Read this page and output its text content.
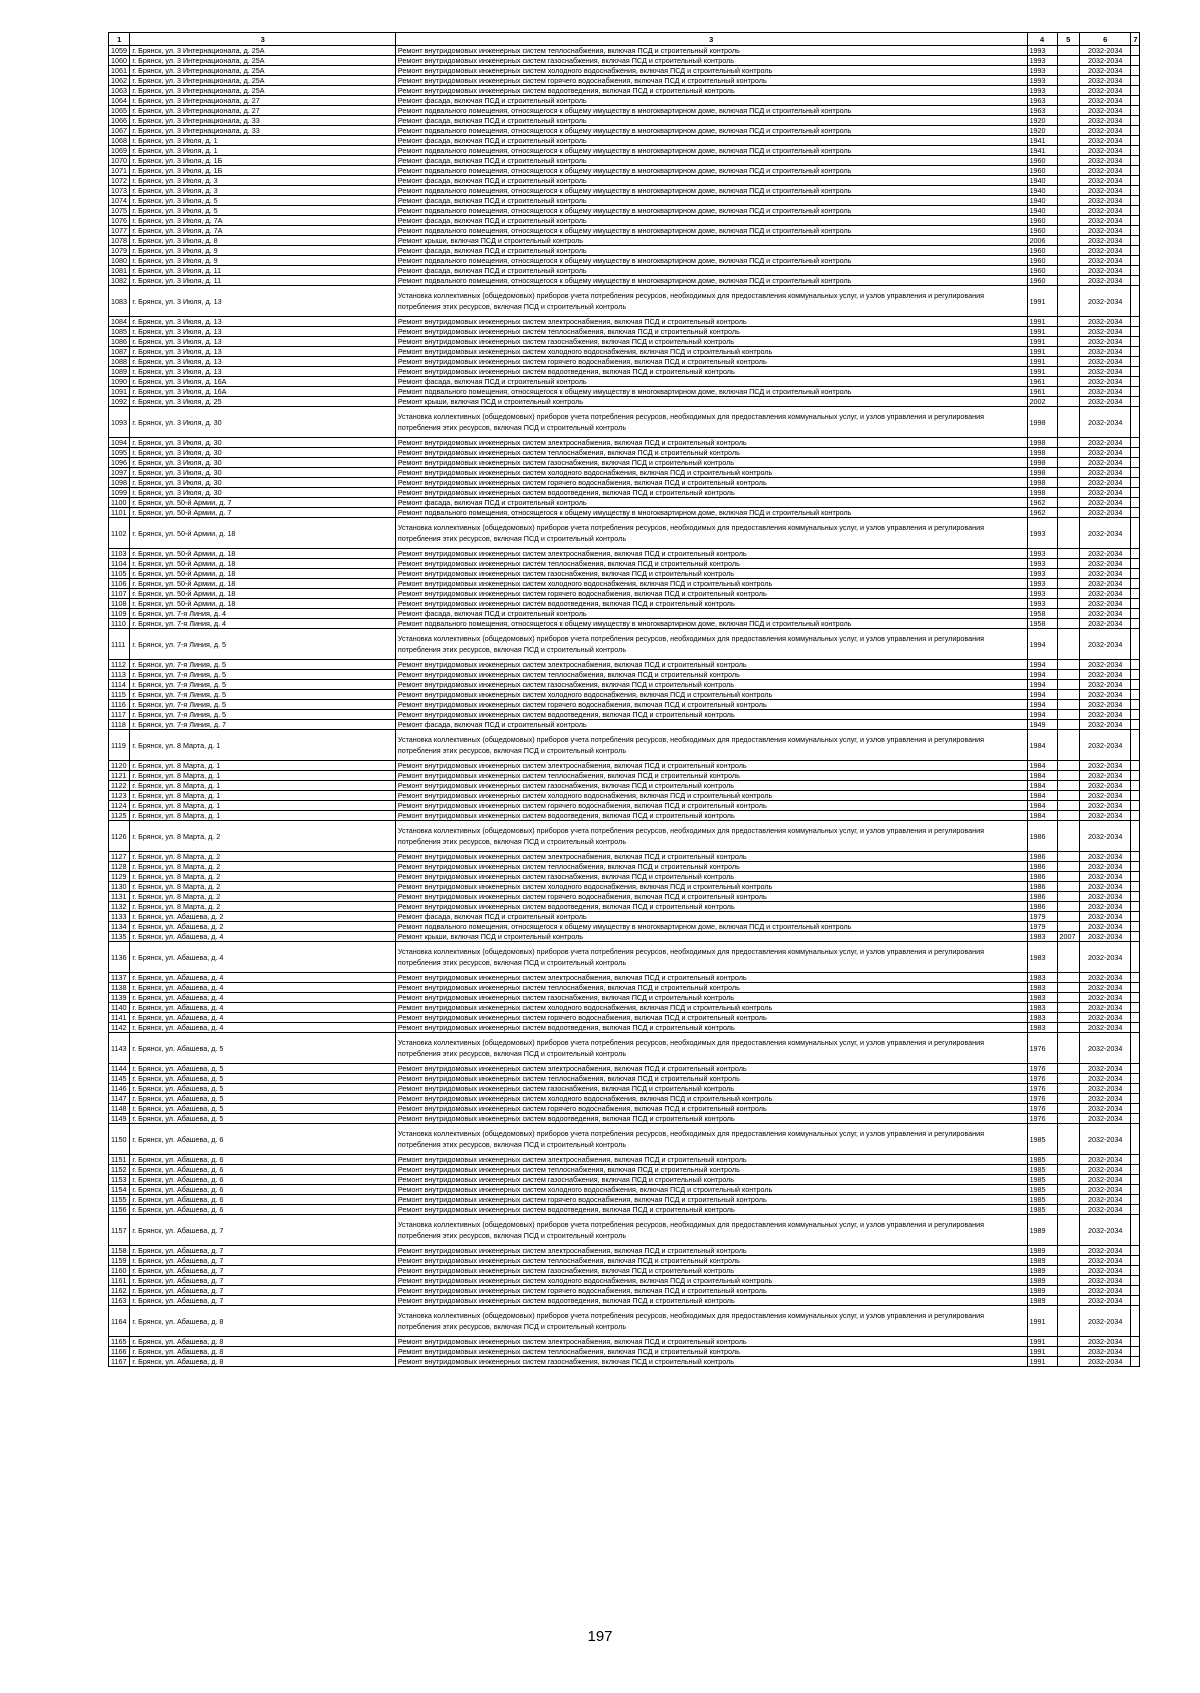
1	3	3	4	5	6	7
1059	г. Брянск, ул. 3 Интернационала, д. 25А	Ремонт внутридомовых инженерных систем теплоснабжения, включая ПСД и строительный контроль	1993		2032-2034	
1060	г. Брянск, ул. 3 Интернационала, д. 25А	Ремонт внутридомовых инженерных систем газоснабжения, включая ПСД и строительный контроль	1993		2032-2034	
1061	г. Брянск, ул. 3 Интернационала, д. 25А	Ремонт внутридомовых инженерных систем холодного водоснабжения, включая ПСД и строительный контроль	1993		2032-2034	
1062	г. Брянск, ул. 3 Интернационала, д. 25А	Ремонт внутридомовых инженерных систем горячего водоснабжения, включая ПСД и строительный контроль	1993		2032-2034	
1063	г. Брянск, ул. 3 Интернационала, д. 25А	Ремонт внутридомовых инженерных систем водоотведения, включая ПСД и строительный контроль	1993		2032-2034	
1064	г. Брянск, ул. 3 Интернационала, д. 27	Ремонт фасада, включая ПСД и строительный контроль	1963		2032-2034	
1065	г. Брянск, ул. 3 Интернационала, д. 27	Ремонт подвального помещения, относящегося к общему имуществу в многоквартирном доме, включая ПСД и строительный контроль	1963		2032-2034	
1066	г. Брянск, ул. 3 Интернационала, д. 33	Ремонт фасада, включая ПСД и строительный контроль	1920		2032-2034	
1067	г. Брянск, ул. 3 Интернационала, д. 33	Ремонт подвального помещения, относящегося к общему имуществу в многоквартирном доме, включая ПСД и строительный контроль	1920		2032-2034	
1068	г. Брянск, ул. 3 Июля, д. 1	Ремонт фасада, включая ПСД и строительный контроль	1941		2032-2034	
1069	г. Брянск, ул. 3 Июля, д. 1	Ремонт подвального помещения, относящегося к общему имуществу в многоквартирном доме, включая ПСД и строительный контроль	1941		2032-2034	
1070	г. Брянск, ул. 3 Июля, д. 1Б	Ремонт фасада, включая ПСД и строительный контроль	1960		2032-2034	
1071	г. Брянск, ул. 3 Июля, д. 1Б	Ремонт подвального помещения, относящегося к общему имуществу в многоквартирном доме, включая ПСД и строительный контроль	1960		2032-2034	
1072	г. Брянск, ул. 3 Июля, д. 3	Ремонт фасада, включая ПСД и строительный контроль	1940		2032-2034	
1073	г. Брянск, ул. 3 Июля, д. 3	Ремонт подвального помещения, относящегося к общему имуществу в многоквартирном доме, включая ПСД и строительный контроль	1940		2032-2034	
1074	г. Брянск, ул. 3 Июля, д. 5	Ремонт фасада, включая ПСД и строительный контроль	1940		2032-2034	
1075	г. Брянск, ул. 3 Июля, д. 5	Ремонт подвального помещения, относящегося к общему имуществу в многоквартирном доме, включая ПСД и строительный контроль	1940		2032-2034	
1076	г. Брянск, ул. 3 Июля, д. 7А	Ремонт фасада, включая ПСД и строительный контроль	1960		2032-2034	
1077	г. Брянск, ул. 3 Июля, д. 7А	Ремонт подвального помещения, относящегося к общему имуществу в многоквартирном доме, включая ПСД и строительный контроль	1960		2032-2034	
1078	г. Брянск, ул. 3 Июля, д. 8	Ремонт крыши, включая ПСД и строительный контроль	2006		2032-2034	
1079	г. Брянск, ул. 3 Июля, д. 9	Ремонт фасада, включая ПСД и строительный контроль	1960		2032-2034	
1080	г. Брянск, ул. 3 Июля, д. 9	Ремонт подвального помещения, относящегося к общему имуществу в многоквартирном доме, включая ПСД и строительный контроль	1960		2032-2034	
1081	г. Брянск, ул. 3 Июля, д. 11	Ремонт фасада, включая ПСД и строительный контроль	1960		2032-2034	
1082	г. Брянск, ул. 3 Июля, д. 11	Ремонт подвального помещения, относящегося к общему имуществу в многоквартирном доме, включая ПСД и строительный контроль	1960		2032-2034	
1083	г. Брянск, ул. 3 Июля, д. 13	Установка коллективных (общедомовых) приборов учета потребления ресурсов, необходимых для предоставления коммунальных услуг, и узлов управления и регулирования потребления этих ресурсов, включая ПСД и строительный контроль	1991		2032-2034	
1084	г. Брянск, ул. 3 Июля, д. 13	Ремонт внутридомовых инженерных систем электроснабжения, включая ПСД и строительный контроль	1991		2032-2034	
1085	г. Брянск, ул. 3 Июля, д. 13	Ремонт внутридомовых инженерных систем теплоснабжения, включая ПСД и строительный контроль	1991		2032-2034	
1086	г. Брянск, ул. 3 Июля, д. 13	Ремонт внутридомовых инженерных систем газоснабжения, включая ПСД и строительный контроль	1991		2032-2034	
1087	г. Брянск, ул. 3 Июля, д. 13	Ремонт внутридомовых инженерных систем холодного водоснабжения, включая ПСД и строительный контроль	1991		2032-2034	
1088	г. Брянск, ул. 3 Июля, д. 13	Ремонт внутридомовых инженерных систем горячего водоснабжения, включая ПСД и строительный контроль	1991		2032-2034	
1089	г. Брянск, ул. 3 Июля, д. 13	Ремонт внутридомовых инженерных систем водоотведения, включая ПСД и строительный контроль	1991		2032-2034	
1090	г. Брянск, ул. 3 Июля, д. 16А	Ремонт фасада, включая ПСД и строительный контроль	1961		2032-2034	
1091	г. Брянск, ул. 3 Июля, д. 16А	Ремонт подвального помещения, относящегося к общему имуществу в многоквартирном доме, включая ПСД и строительный контроль	1961		2032-2034	
1092	г. Брянск, ул. 3 Июля, д. 25	Ремонт крыши, включая ПСД и строительный контроль	2002		2032-2034	
1093	г. Брянск, ул. 3 Июля, д. 30	Установка коллективных (общедомовых) приборов учета потребления ресурсов, необходимых для предоставления коммунальных услуг, и узлов управления и регулирования потребления этих ресурсов, включая ПСД и строительный контроль	1998		2032-2034	
1094	г. Брянск, ул. 3 Июля, д. 30	Ремонт внутридомовых инженерных систем электроснабжения, включая ПСД и строительный контроль	1998		2032-2034	
1095	г. Брянск, ул. 3 Июля, д. 30	Ремонт внутридомовых инженерных систем теплоснабжения, включая ПСД и строительный контроль	1998		2032-2034	
1096	г. Брянск, ул. 3 Июля, д. 30	Ремонт внутридомовых инженерных систем газоснабжения, включая ПСД и строительный контроль	1998		2032-2034	
1097	г. Брянск, ул. 3 Июля, д. 30	Ремонт внутридомовых инженерных систем холодного водоснабжения, включая ПСД и строительный контроль	1998		2032-2034	
1098	г. Брянск, ул. 3 Июля, д. 30	Ремонт внутридомовых инженерных систем горячего водоснабжения, включая ПСД и строительный контроль	1998		2032-2034	
1099	г. Брянск, ул. 3 Июля, д. 30	Ремонт внутридомовых инженерных систем водоотведения, включая ПСД и строительный контроль	1998		2032-2034	
1100	г. Брянск, ул. 50-й Армии, д. 7	Ремонт фасада, включая ПСД и строительный контроль	1962		2032-2034	
1101	г. Брянск, ул. 50-й Армии, д. 7	Ремонт подвального помещения, относящегося к общему имуществу в многоквартирном доме, включая ПСД и строительный контроль	1962		2032-2034	
1102	г. Брянск, ул. 50-й Армии, д. 18	Установка коллективных (общедомовых) приборов учета потребления ресурсов, необходимых для предоставления коммунальных услуг, и узлов управления и регулирования потребления этих ресурсов, включая ПСД и строительный контроль	1993		2032-2034	
1103	г. Брянск, ул. 50-й Армии, д. 18	Ремонт внутридомовых инженерных систем электроснабжения, включая ПСД и строительный контроль	1993		2032-2034	
1104	г. Брянск, ул. 50-й Армии, д. 18	Ремонт внутридомовых инженерных систем теплоснабжения, включая ПСД и строительный контроль	1993		2032-2034	
1105	г. Брянск, ул. 50-й Армии, д. 18	Ремонт внутридомовых инженерных систем газоснабжения, включая ПСД и строительный контроль	1993		2032-2034	
1106	г. Брянск, ул. 50-й Армии, д. 18	Ремонт внутридомовых инженерных систем холодного водоснабжения, включая ПСД и строительный контроль	1993		2032-2034	
1107	г. Брянск, ул. 50-й Армии, д. 18	Ремонт внутридомовых инженерных систем горячего водоснабжения, включая ПСД и строительный контроль	1993		2032-2034	
1108	г. Брянск, ул. 50-й Армии, д. 18	Ремонт внутридомовых инженерных систем водоотведения, включая ПСД и строительный контроль	1993		2032-2034	
1109	г. Брянск, ул. 7-я Линия, д. 4	Ремонт фасада, включая ПСД и строительный контроль	1958		2032-2034	
1110	г. Брянск, ул. 7-я Линия, д. 4	Ремонт подвального помещения, относящегося к общему имуществу в многоквартирном доме, включая ПСД и строительный контроль	1958		2032-2034	
1111	г. Брянск, ул. 7-я Линия, д. 5	Установка коллективных (общедомовых) приборов учета потребления ресурсов, необходимых для предоставления коммунальных услуг, и узлов управления и регулирования потребления этих ресурсов, включая ПСД и строительный контроль	1994		2032-2034	
1112	г. Брянск, ул. 7-я Линия, д. 5	Ремонт внутридомовых инженерных систем электроснабжения, включая ПСД и строительный контроль	1994		2032-2034	
1113	г. Брянск, ул. 7-я Линия, д. 5	Ремонт внутридомовых инженерных систем теплоснабжения, включая ПСД и строительный контроль	1994		2032-2034	
1114	г. Брянск, ул. 7-я Линия, д. 5	Ремонт внутридомовых инженерных систем газоснабжения, включая ПСД и строительный контроль	1994		2032-2034	
1115	г. Брянск, ул. 7-я Линия, д. 5	Ремонт внутридомовых инженерных систем холодного водоснабжения, включая ПСД и строительный контроль	1994		2032-2034	
1116	г. Брянск, ул. 7-я Линия, д. 5	Ремонт внутридомовых инженерных систем горячего водоснабжения, включая ПСД и строительный контроль	1994		2032-2034	
1117	г. Брянск, ул. 7-я Линия, д. 5	Ремонт внутридомовых инженерных систем водоотведения, включая ПСД и строительный контроль	1994		2032-2034	
1118	г. Брянск, ул. 7-я Линия, д. 7	Ремонт фасада, включая ПСД и строительный контроль	1949		2032-2034	
1119	г. Брянск, ул. 8 Марта, д. 1	Установка коллективных (общедомовых) приборов учета потребления ресурсов, необходимых для предоставления коммунальных услуг, и узлов управления и регулирования потребления этих ресурсов, включая ПСД и строительный контроль	1984		2032-2034	
1120	г. Брянск, ул. 8 Марта, д. 1	Ремонт внутридомовых инженерных систем электроснабжения, включая ПСД и строительный контроль	1984		2032-2034	
1121	г. Брянск, ул. 8 Марта, д. 1	Ремонт внутридомовых инженерных систем теплоснабжения, включая ПСД и строительный контроль	1984		2032-2034	
1122	г. Брянск, ул. 8 Марта, д. 1	Ремонт внутридомовых инженерных систем газоснабжения, включая ПСД и строительный контроль	1984		2032-2034	
1123	г. Брянск, ул. 8 Марта, д. 1	Ремонт внутридомовых инженерных систем холодного водоснабжения, включая ПСД и строительный контроль	1984		2032-2034	
1124	г. Брянск, ул. 8 Марта, д. 1	Ремонт внутридомовых инженерных систем горячего водоснабжения, включая ПСД и строительный контроль	1984		2032-2034	
1125	г. Брянск, ул. 8 Марта, д. 1	Ремонт внутридомовых инженерных систем водоотведения, включая ПСД и строительный контроль	1984		2032-2034	
1126	г. Брянск, ул. 8 Марта, д. 2	Установка коллективных (общедомовых) приборов учета потребления ресурсов, необходимых для предоставления коммунальных услуг, и узлов управления и регулирования потребления этих ресурсов, включая ПСД и строительный контроль	1986		2032-2034	
1127	г. Брянск, ул. 8 Марта, д. 2	Ремонт внутридомовых инженерных систем электроснабжения, включая ПСД и строительный контроль	1986		2032-2034	
1128	г. Брянск, ул. 8 Марта, д. 2	Ремонт внутридомовых инженерных систем теплоснабжения, включая ПСД и строительный контроль	1986		2032-2034	
1129	г. Брянск, ул. 8 Марта, д. 2	Ремонт внутридомовых инженерных систем газоснабжения, включая ПСД и строительный контроль	1986		2032-2034	
1130	г. Брянск, ул. 8 Марта, д. 2	Ремонт внутридомовых инженерных систем холодного водоснабжения, включая ПСД и строительный контроль	1986		2032-2034	
1131	г. Брянск, ул. 8 Марта, д. 2	Ремонт внутридомовых инженерных систем горячего водоснабжения, включая ПСД и строительный контроль	1986		2032-2034	
1132	г. Брянск, ул. 8 Марта, д. 2	Ремонт внутридомовых инженерных систем водоотведения, включая ПСД и строительный контроль	1986		2032-2034	
1133	г. Брянск, ул. Абашева, д. 2	Ремонт фасада, включая ПСД и строительный контроль	1979		2032-2034	
1134	г. Брянск, ул. Абашева, д. 2	Ремонт подвального помещения, относящегося к общему имуществу в многоквартирном доме, включая ПСД и строительный контроль	1979		2032-2034	
1135	г. Брянск, ул. Абашева, д. 4	Ремонт крыши, включая ПСД и строительный контроль	1983	2007	2032-2034	
1136	г. Брянск, ул. Абашева, д. 4	Установка коллективных (общедомовых) приборов учета потребления ресурсов, необходимых для предоставления коммунальных услуг, и узлов управления и регулирования потребления этих ресурсов, включая ПСД и строительный контроль	1983		2032-2034	
1137	г. Брянск, ул. Абашева, д. 4	Ремонт внутридомовых инженерных систем электроснабжения, включая ПСД и строительный контроль	1983		2032-2034	
1138	г. Брянск, ул. Абашева, д. 4	Ремонт внутридомовых инженерных систем теплоснабжения, включая ПСД и строительный контроль	1983		2032-2034	
1139	г. Брянск, ул. Абашева, д. 4	Ремонт внутридомовых инженерных систем газоснабжения, включая ПСД и строительный контроль	1983		2032-2034	
1140	г. Брянск, ул. Абашева, д. 4	Ремонт внутридомовых инженерных систем холодного водоснабжения, включая ПСД и строительный контроль	1983		2032-2034	
1141	г. Брянск, ул. Абашева, д. 4	Ремонт внутридомовых инженерных систем горячего водоснабжения, включая ПСД и строительный контроль	1983		2032-2034	
1142	г. Брянск, ул. Абашева, д. 4	Ремонт внутридомовых инженерных систем водоотведения, включая ПСД и строительный контроль	1983		2032-2034	
1143	г. Брянск, ул. Абашева, д. 5	Установка коллективных (общедомовых) приборов учета потребления ресурсов, необходимых для предоставления коммунальных услуг, и узлов управления и регулирования потребления этих ресурсов, включая ПСД и строительный контроль	1976		2032-2034	
1144	г. Брянск, ул. Абашева, д. 5	Ремонт внутридомовых инженерных систем электроснабжения, включая ПСД и строительный контроль	1976		2032-2034	
1145	г. Брянск, ул. Абашева, д. 5	Ремонт внутридомовых инженерных систем теплоснабжения, включая ПСД и строительный контроль	1976		2032-2034	
1146	г. Брянск, ул. Абашева, д. 5	Ремонт внутридомовых инженерных систем газоснабжения, включая ПСД и строительный контроль	1976		2032-2034	
1147	г. Брянск, ул. Абашева, д. 5	Ремонт внутридомовых инженерных систем холодного водоснабжения, включая ПСД и строительный контроль	1976		2032-2034	
1148	г. Брянск, ул. Абашева, д. 5	Ремонт внутридомовых инженерных систем горячего водоснабжения, включая ПСД и строительный контроль	1976		2032-2034	
1149	г. Брянск, ул. Абашева, д. 5	Ремонт внутридомовых инженерных систем водоотведения, включая ПСД и строительный контроль	1976		2032-2034	
1150	г. Брянск, ул. Абашева, д. 6	Установка коллективных (общедомовых) приборов учета потребления ресурсов, необходимых для предоставления коммунальных услуг, и узлов управления и регулирования потребления этих ресурсов, включая ПСД и строительный контроль	1985		2032-2034	
1151	г. Брянск, ул. Абашева, д. 6	Ремонт внутридомовых инженерных систем электроснабжения, включая ПСД и строительный контроль	1985		2032-2034	
1152	г. Брянск, ул. Абашева, д. 6	Ремонт внутридомовых инженерных систем теплоснабжения, включая ПСД и строительный контроль	1985		2032-2034	
1153	г. Брянск, ул. Абашева, д. 6	Ремонт внутридомовых инженерных систем газоснабжения, включая ПСД и строительный контроль	1985		2032-2034	
1154	г. Брянск, ул. Абашева, д. 6	Ремонт внутридомовых инженерных систем холодного водоснабжения, включая ПСД и строительный контроль	1985		2032-2034	
1155	г. Брянск, ул. Абашева, д. 6	Ремонт внутридомовых инженерных систем горячего водоснабжения, включая ПСД и строительный контроль	1985		2032-2034	
1156	г. Брянск, ул. Абашева, д. 6	Ремонт внутридомовых инженерных систем водоотведения, включая ПСД и строительный контроль	1985		2032-2034	
1157	г. Брянск, ул. Абашева, д. 7	Установка коллективных (общедомовых) приборов учета потребления ресурсов, необходимых для предоставления коммунальных услуг, и узлов управления и регулирования потребления этих ресурсов, включая ПСД и строительный контроль	1989		2032-2034	
1158	г. Брянск, ул. Абашева, д. 7	Ремонт внутридомовых инженерных систем электроснабжения, включая ПСД и строительный контроль	1989		2032-2034	
1159	г. Брянск, ул. Абашева, д. 7	Ремонт внутридомовых инженерных систем теплоснабжения, включая ПСД и строительный контроль	1989		2032-2034	
1160	г. Брянск, ул. Абашева, д. 7	Ремонт внутридомовых инженерных систем газоснабжения, включая ПСД и строительный контроль	1989		2032-2034	
1161	г. Брянск, ул. Абашева, д. 7	Ремонт внутридомовых инженерных систем холодного водоснабжения, включая ПСД и строительный контроль	1989		2032-2034	
1162	г. Брянск, ул. Абашева, д. 7	Ремонт внутридомовых инженерных систем горячего водоснабжения, включая ПСД и строительный контроль	1989		2032-2034	
1163	г. Брянск, ул. Абашева, д. 7	Ремонт внутридомовых инженерных систем водоотведения, включая ПСД и строительный контроль	1989		2032-2034	
1164	г. Брянск, ул. Абашева, д. 8	Установка коллективных (общедомовых) приборов учета потребления ресурсов, необходимых для предоставления коммунальных услуг, и узлов управления и регулирования потребления этих ресурсов, включая ПСД и строительный контроль	1991		2032-2034	
1165	г. Брянск, ул. Абашева, д. 8	Ремонт внутридомовых инженерных систем электроснабжения, включая ПСД и строительный контроль	1991		2032-2034	
1166	г. Брянск, ул. Абашева, д. 8	Ремонт внутридомовых инженерных систем теплоснабжения, включая ПСД и строительный контроль	1991		2032-2034	
1167	г. Брянск, ул. Абашева, д. 8	Ремонт внутридомовых инженерных систем газоснабжения, включая ПСД и строительный контроль	1991		2032-2034	
197
